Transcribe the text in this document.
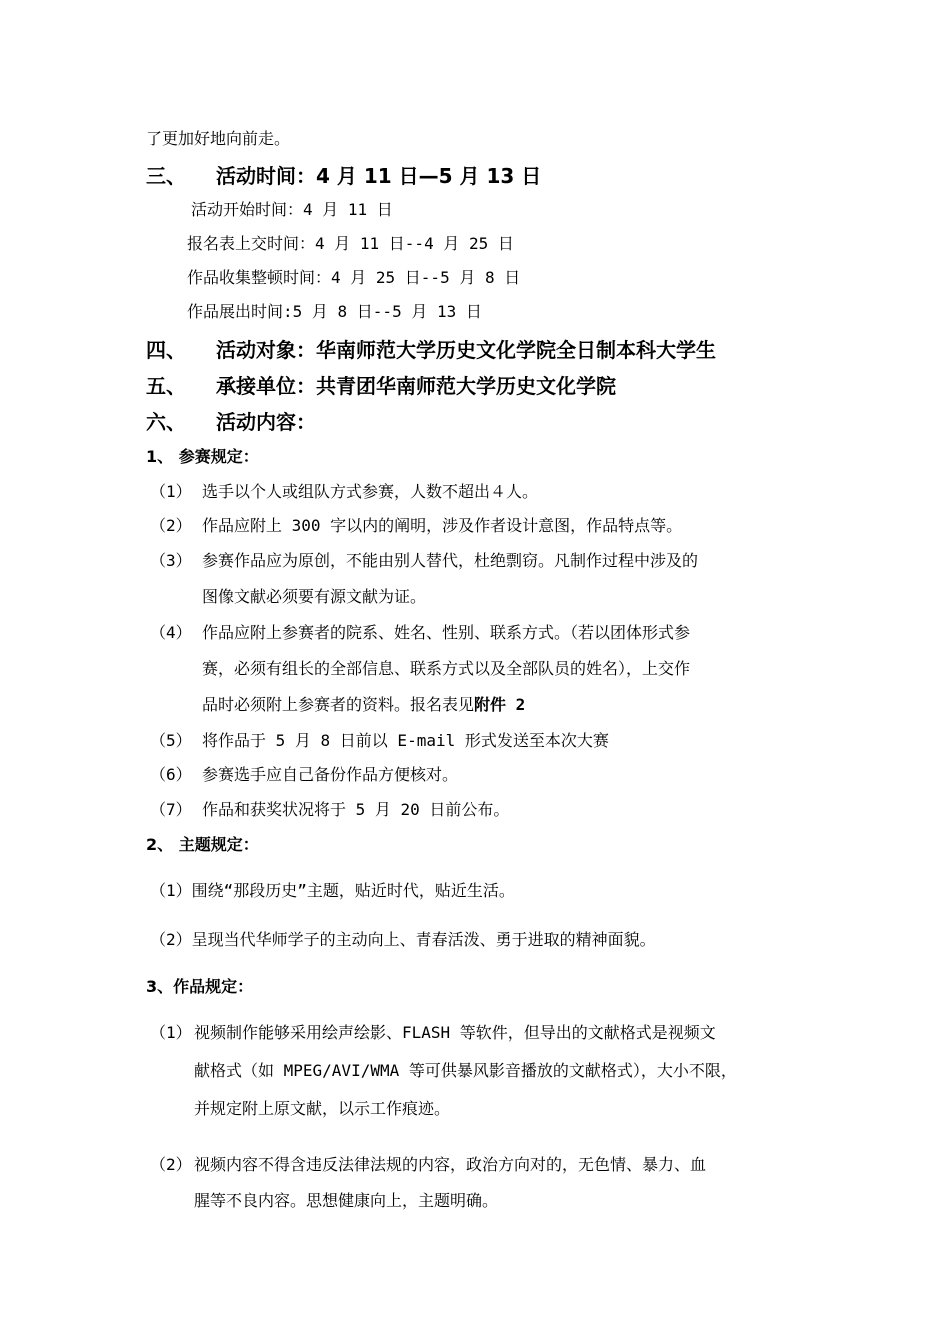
了更加好地向前走。
三、 活动时间：4 月 11 日—5 月 13 日
活动开始时间：4 月 11 日
报名表上交时间：4 月 11 日--4 月 25 日
作品收集整顿时间：4 月 25 日--5 月 8 日
作品展出时间:5 月 8 日--5 月 13 日
四、 活动对象：华南师范大学历史文化学院全日制本科大学生
五、 承接单位：共青团华南师范大学历史文化学院
六、 活动内容：
1、 参赛规定：
（1） 选手以个人或组队方式参赛，人数不超出４人。
（2） 作品应附上 300 字以内的阐明，涉及作者设计意图，作品特点等。
（3） 参赛作品应为原创，不能由别人替代，杜绝剽窃。凡制作过程中涉及的
图像文献必须要有源文献为证。
（4） 作品应附上参赛者的院系、姓名、性别、联系方式。（若以团体形式参
赛，必须有组长的全部信息、联系方式以及全部队员的姓名），上交作
品时必须附上参赛者的资料。报名表见附件 2
（5） 将作品于 5 月 8 日前以 E-mail 形式发送至本次大赛
（6） 参赛选手应自己备份作品方便核对。
（7） 作品和获奖状况将于 5 月 20 日前公布。
2、 主题规定：
（1）围绕“那段历史”主题，贴近时代，贴近生活。
（2）呈现当代华师学子的主动向上、青春活泼、勇于进取的精神面貌。
3、作品规定：
（1） 视频制作能够采用绘声绘影、FLASH 等软件，但导出的文献格式是视频文
献格式（如 MPEG/AVI/WMA 等可供暴风影音播放的文献格式），大小不限，
并规定附上原文献，以示工作痕迹。
（2） 视频内容不得含违反法律法规的内容，政治方向对的，无色情、暴力、血
腥等不良内容。思想健康向上，主题明确。
